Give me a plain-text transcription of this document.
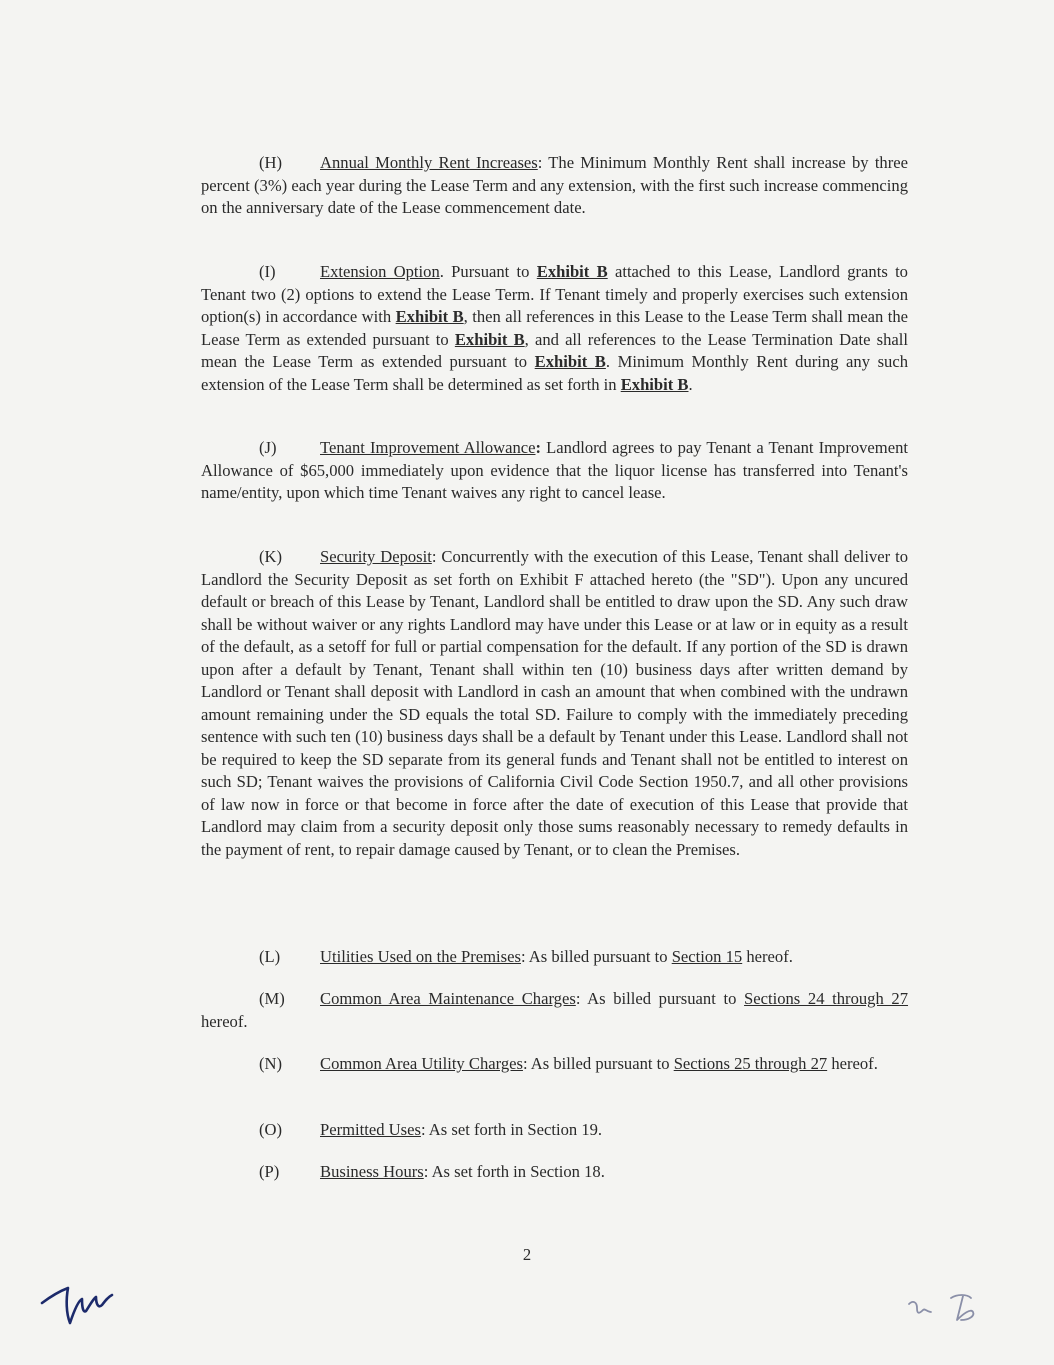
(H) Annual Monthly Rent Increases: The Minimum Monthly Rent shall increase by three percent (3%) each year during the Lease Term and any extension, with the first such increase commencing on the anniversary date of the Lease commencement date.

(I)	Extension Option. Pursuant to Exhibit B attached to this Lease, Landlord grants to Tenant two (2) options to extend the Lease Term. If Tenant timely and properly exercises such extension option(s) in accordance with Exhibit B, then all references in this Lease to the Lease Term shall mean the Lease Term as extended pursuant to Exhibit B, and all references to the Lease Termination Date shall mean the Lease Term as extended pursuant to Exhibit B. Minimum Monthly Rent during any such extension of the Lease Term shall be determined as set forth in Exhibit B.

(J)	Tenant Improvement Allowance: Landlord agrees to pay Tenant a Tenant Improvement Allowance of $65,000 immediately upon evidence that the liquor license has transferred into Tenant's name/entity, upon which time Tenant waives any right to cancel lease.

(K) Security Deposit: Concurrently with the execution of this Lease, Tenant shall deliver to Landlord the Security Deposit as set forth on Exhibit F attached hereto (the "SD"). Upon any uncured default or breach of this Lease by Tenant, Landlord shall be entitled to draw upon the SD. Any such draw shall be without waiver or any rights Landlord may have under this Lease or at law or in equity as a result of the default, as a setoff for full or partial compensation for the default. If any portion of the SD is drawn upon after a default by Tenant, Tenant shall within ten (10) business days after written demand by Landlord or Tenant shall deposit with Landlord in cash an amount that when combined with the undrawn amount remaining under the SD equals the total SD. Failure to comply with the immediately preceding sentence with such ten (10) business days shall be a default by Tenant under this Lease. Landlord shall not be required to keep the SD separate from its general funds and Tenant shall not be entitled to interest on such SD; Tenant waives the provisions of California Civil Code Section 1950.7, and all other provisions of law now in force or that become in force after the date of execution of this Lease that provide that Landlord may claim from a security deposit only those sums reasonably necessary to remedy defaults in the payment of rent, to repair damage caused by Tenant, or to clean the Premises.

(L) Utilities Used on the Premises: As billed pursuant to Section 15 hereof.

(M) Common Area Maintenance Charges: As billed pursuant to Sections 24 through 27 hereof.

(N) Common Area Utility Charges: As billed pursuant to Sections 25 through 27 hereof.

(O) Permitted Uses: As set forth in Section 19.

(P) Business Hours: As set forth in Section 18.

2
